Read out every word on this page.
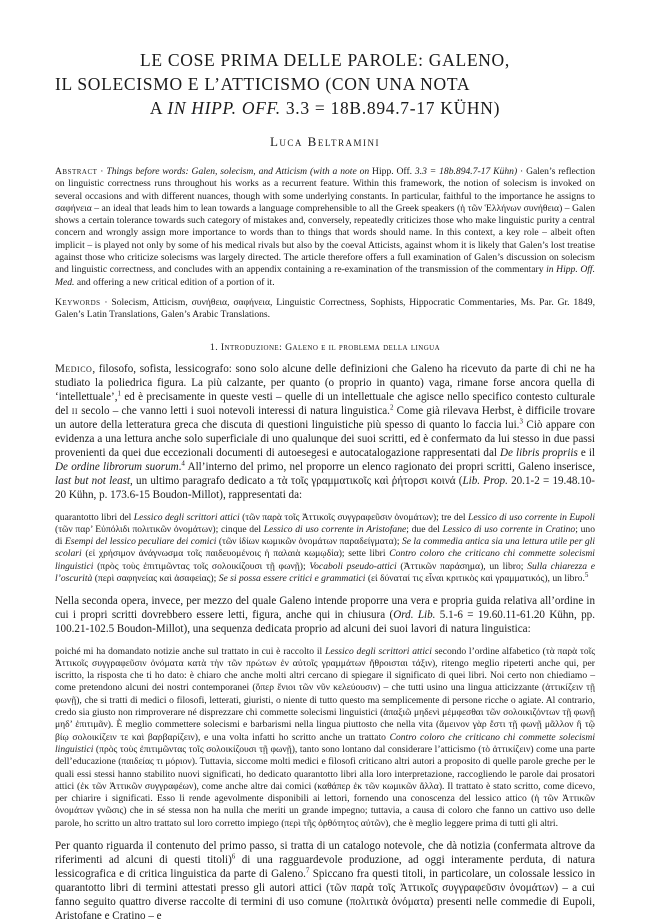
LE COSE PRIMA DELLE PAROLE: GALENO,
IL SOLECISMO E L’ATTICISMO (CON UNA NOTA
A IN HIPP. OFF. 3.3 = 18B.894.7-17 KÜHN)
Luca Beltramini
Abstract · Things before words: Galen, solecism, and Atticism (with a note on Hipp. Off. 3.3 = 18b.894.7-17 Kühn) · Galen’s reflection on linguistic correctness runs throughout his works as a recurrent feature. Within this framework, the notion of solecism is invoked on several occasions and with different nuances, though with some underlying constants. In particular, faithful to the importance he assigns to σαφήνεια – an ideal that leads him to lean towards a language comprehensible to all the Greek speakers (ἡ τῶν Ἑλλήνων συνήθεια) – Galen shows a certain tolerance towards such category of mistakes and, conversely, repeatedly criticizes those who make linguistic purity a central concern and wrongly assign more importance to words than to things that words should name. In this context, a key role – albeit often implicit – is played not only by some of his medical rivals but also by the coeval Atticists, against whom it is likely that Galen’s lost treatise against those who criticize solecisms was largely directed. The article therefore offers a full examination of Galen’s discussion on solecism and linguistic correctness, and concludes with an appendix containing a re-examination of the transmission of the commentary in Hipp. Off. Med. and offering a new critical edition of a portion of it.
Keywords · Solecism, Atticism, συνήθεια, σαφήνεια, Linguistic Correctness, Sophists, Hippocratic Commentaries, Ms. Par. Gr. 1849, Galen’s Latin Translations, Galen’s Arabic Translations.
1. Introduzione: Galeno e il problema della lingua

Medico, filosofo, sofista, lessicografo: sono solo alcune delle definizioni che Galeno ha ricevuto da parte di chi ne ha studiato la poliedrica figura. La più calzante, per quanto (o proprio in quanto) vaga, rimane forse ancora quella di ‘intellettuale’,$^1$ ed è precisamente in queste vesti – quelle di un intellettuale che agisce nello specifico contesto culturale del ii secolo – che vanno letti i suoi notevoli interessi di natura linguistica.$^2$ Come già rilevava Herbst, è difficile trovare un autore della letteratura greca che discuta di questioni linguistiche più spesso di quanto lo faccia lui.$^3$ Ciò appare con evidenza a una lettura anche solo superficiale di uno qualunque dei suoi scritti, ed è confermato da lui stesso in due passi provenienti da quei due eccezionali documenti di autoesegesi e autocatalogazione rappresentati dal De libris propriis e il De ordine librorum suorum.$^4$ All’interno del primo, nel proporre un elenco ragionato dei propri scritti, Galeno inserisce, last but not least, un ultimo paragrafo dedicato a τὰ τοῖς γραμματικοῖς καὶ ῥήτορσι κοινά (Lib. Prop. 20.1-2 = 19.48.10-20 Kühn, p. 173.6-15 Boudon-Millot), rappresentati da:

quarantotto libri del Lessico degli scrittori attici (τῶν παρὰ τοῖς Ἀττικοῖς συγγραφεῦσιν ὀνομάτων); tre del Lessico di uso corrente in Eupoli (τῶν παρ’ Εὐπόλιδι πολιτικῶν ὀνομάτων); cinque del Lessico di uso corrente in Aristofane; due del Lessico di uso corrente in Cratino; uno di Esempi del lessico peculiare dei comici (τῶν ἰδίων κωμικῶν ὀνομάτων παραδείγματα); Se la commedia antica sia una lettura utile per gli scolari (εἰ χρήσιμον ἀνάγνωσμα τοῖς παιδευομένοις ἡ παλαιὰ κωμῳδία); sette libri Contro coloro che criticano chi commette solecismi linguistici (πρὸς τοὺς ἐπιτιμῶντας τοῖς σολοικίζουσι τῇ φωνῇ); Vocaboli pseudo-attici (Ἀττικῶν παράσημα), un libro; Sulla chiarezza e l’oscurità (περὶ σαφηνείας καὶ ἀσαφείας); Se si possa essere critici e grammatici (εἰ δύναταί τις εἶναι κριτικὸς καὶ γραμματικός), un libro.$^5$

Nella seconda opera, invece, per mezzo del quale Galeno intende proporre una vera e propria guida relativa all’ordine in cui i propri scritti dovrebbero essere letti, figura, anche qui in chiusura (Ord. Lib. 5.1-6 = 19.60.11-61.20 Kühn, pp. 100.21-102.5 Boudon-Millot), una sequenza dedicata proprio ad alcuni dei suoi lavori di natura linguistica:

poiché mi ha domandato notizie anche sul trattato in cui è raccolto il Lessico degli scrittori attici secondo l’ordine alfabetico (τὰ παρὰ τοῖς Ἀττικοῖς συγγραφεῦσιν ὀνόματα κατὰ τὴν τῶν πρώτων ἐν αὐτοῖς γραμμάτων ἤθροισται τάξιν), ritengo meglio ripeterti anche qui, per iscritto, la risposta che ti ho dato: è chiaro che anche molti altri cercano di spiegare il significato di quei libri. Noi certo non chiediamo – come pretendono alcuni dei nostri contemporanei (ὅπερ ἔνιοι τῶν νῦν κελεύουσιν) – che tutti usino una lingua atticizzante (ἀττικίζειν τῇ φωνῇ), che si tratti di medici o filosofi, letterati, giuristi, o niente di tutto questo ma semplicemente di persone ricche o agiate. Al contrario, credo sia giusto non rimproverare né disprezzare chi commette solecismi linguistici (ἀπαξιῶ μηδενὶ μέμφεσθαι τῶν σολοικιζόντων τῇ φωνῇ μηδ’ ἐπιτιμᾶν). È meglio commettere solecismi e barbarismi nella lingua piuttosto che nella vita (ἄμεινον γὰρ ἔστι τῇ φωνῇ μᾶλλον ἢ τῷ βίῳ σολοικίζειν τε καὶ βαρβαρίζειν), e una volta infatti ho scritto anche un trattato Contro coloro che criticano chi commette solecismi linguistici (πρὸς τοὺς ἐπιτιμῶντας τοῖς σολοικίζουσι τῇ φωνῇ), tanto sono lontano dal considerare l’atticismo (τὸ ἀττικίζειν) come una parte dell’educazione (παιδείας τι μόριον). Tuttavia, siccome molti medici e filosofi criticano altri autori a proposito di quelle parole greche per le quali essi stessi hanno stabilito nuovi significati, ho dedicato quarantotto libri alla loro interpretazione, raccogliendo le parole dai prosatori attici (ἐκ τῶν Ἀττικῶν συγγραφέων), come anche altre dai comici (καθάπερ ἐκ τῶν κωμικῶν ἄλλα). Il trattato è stato scritto, come dicevo, per chiarire i significati. Esso li rende agevolmente disponibili ai lettori, fornendo una conoscenza del lessico attico (ἡ τῶν Ἀττικῶν ὀνομάτων γνῶσις) che in sé stessa non ha nulla che meriti un grande impegno; tuttavia, a causa di coloro che fanno un cattivo uso delle parole, ho scritto un altro trattato sul loro corretto impiego (περὶ τῆς ὀρθότητος αὐτῶν), che è meglio leggere prima di tutti gli altri.

Per quanto riguarda il contenuto del primo passo, si tratta di un catalogo notevole, che dà notizia (confermata altrove da riferimenti ad alcuni di questi titoli)$^6$ di una ragguardevole produzione, ad oggi interamente perduta, di natura lessicografica e di critica linguistica da parte di Galeno.$^7$ Spiccano fra questi titoli, in particolare, un colossale lessico in quarantotto libri di termini attestati presso gli autori attici (τῶν παρὰ τοῖς Ἀττικοῖς συγγραφεῦσιν ὀνομάτων) – a cui fanno seguito quattro diverse raccolte di termini di uso comune (πολιτικὰ ὀνόματα) presenti nelle commedie di Eupoli, Aristofane e Cratino – e
